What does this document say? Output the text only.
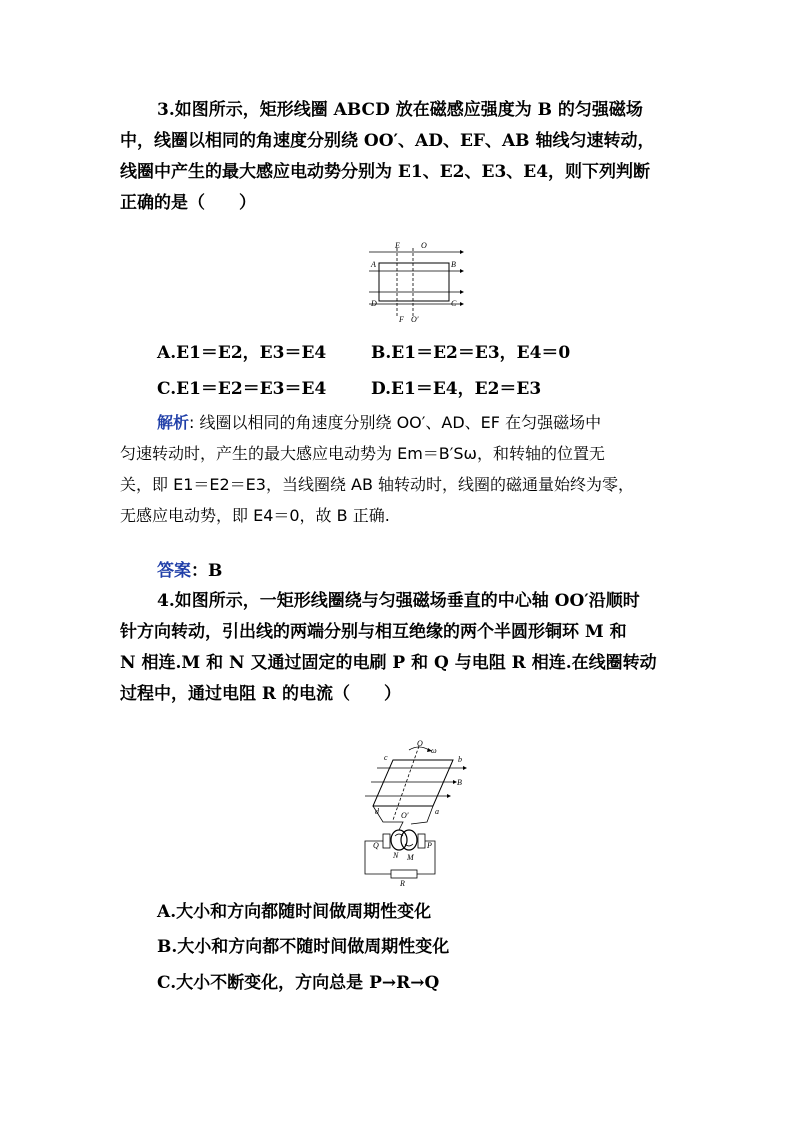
3.如图所示，矩形线圈 ABCD 放在磁感应强度为 B 的匀强磁场
中，线圈以相同的角速度分别绕 OO′、AD、EF、AB 轴线匀速转动，
线圈中产生的最大感应电动势分别为 E1、E2、E3、E4，则下列判断
正确的是（　　）
E	O
A	B
D	C
F O′
A.E1＝E2，E3＝E4	B.E1＝E2＝E3，E4＝0
C.E1＝E2＝E3＝E4	D.E1＝E4，E2＝E3
解析: 线圈以相同的角速度分别绕 OO′、AD、EF 在匀强磁场中
匀速转动时，产生的最大感应电动势为 Em＝B′Sω，和转轴的位置无
关，即 E1＝E2＝E3，当线圈绕 AB 轴转动时，线圈的磁通量始终为零，
无感应电动势，即 E4＝0，故 B 正确.
答案：B
4.如图所示，一矩形线圈绕与匀强磁场垂直的中心轴 OO′沿顺时
针方向转动，引出线的两端分别与相互绝缘的两个半圆形铜环 M 和
N 相连.M 和 N 又通过固定的电刷 P 和 Q 与电阻 R 相连.在线圈转动
过程中，通过电阻 R 的电流（　　）
O
ω
c	b
d	a
B
O′
Q	P
N M
R
A.大小和方向都随时间做周期性变化
B.大小和方向都不随时间做周期性变化
C.大小不断变化，方向总是 P→R→Q
